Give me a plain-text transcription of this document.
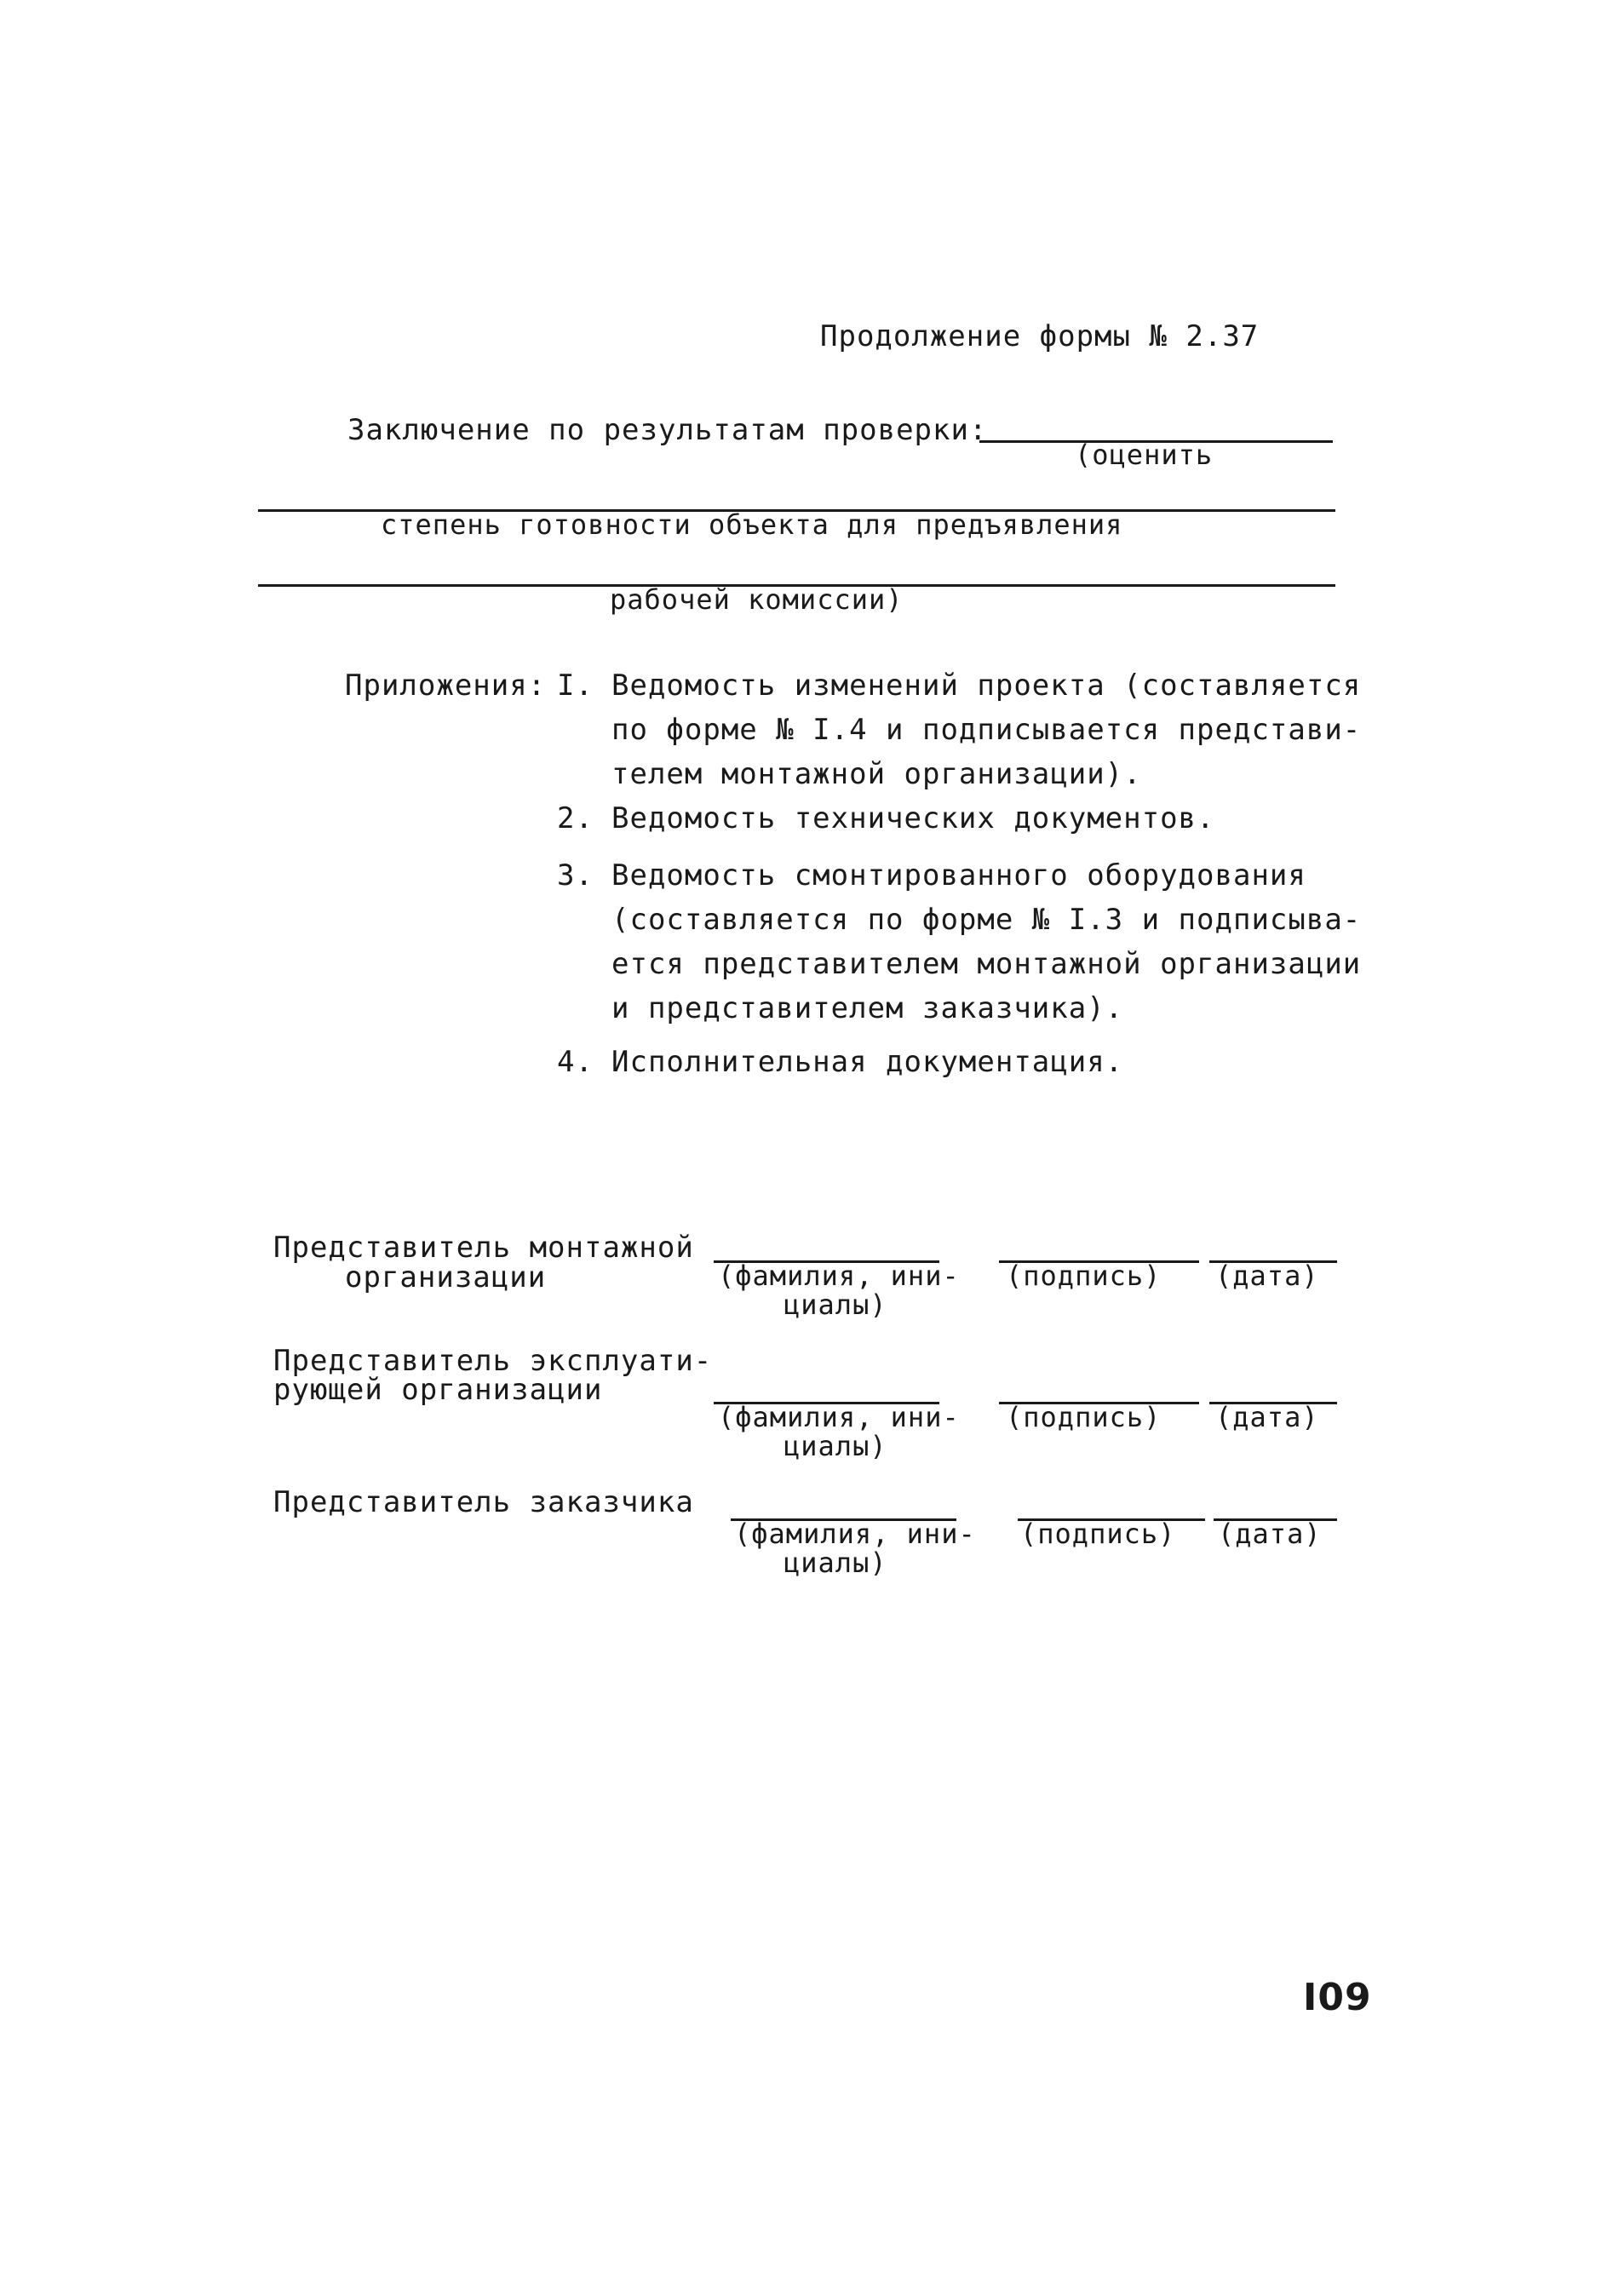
Продолжение формы № 2.37
Заключение по результатам проверки:
(оценить
степень готовности объекта для предъявления
рабочей комиссии)
Приложения: I. Ведомость изменений проекта (составляется
по форме № I.4 и подписывается представи-
телем монтажной организации).
2. Ведомость технических документов.
3. Ведомость смонтированного оборудования
(составляется по форме № I.3 и подписыва-
ется представителем монтажной организации
и представителем заказчика).
4. Исполнительная документация.
Представитель монтажной
организации	(фамилия, ини-
циалы)
(подпись) (дата)
Представитель эксплуати-
рующей организации
(фамилия, ини-
циалы)
(подпись) (дата)
Представитель заказчика
(фамилия, ини-
циалы)
(подпись) (дата)
I09
